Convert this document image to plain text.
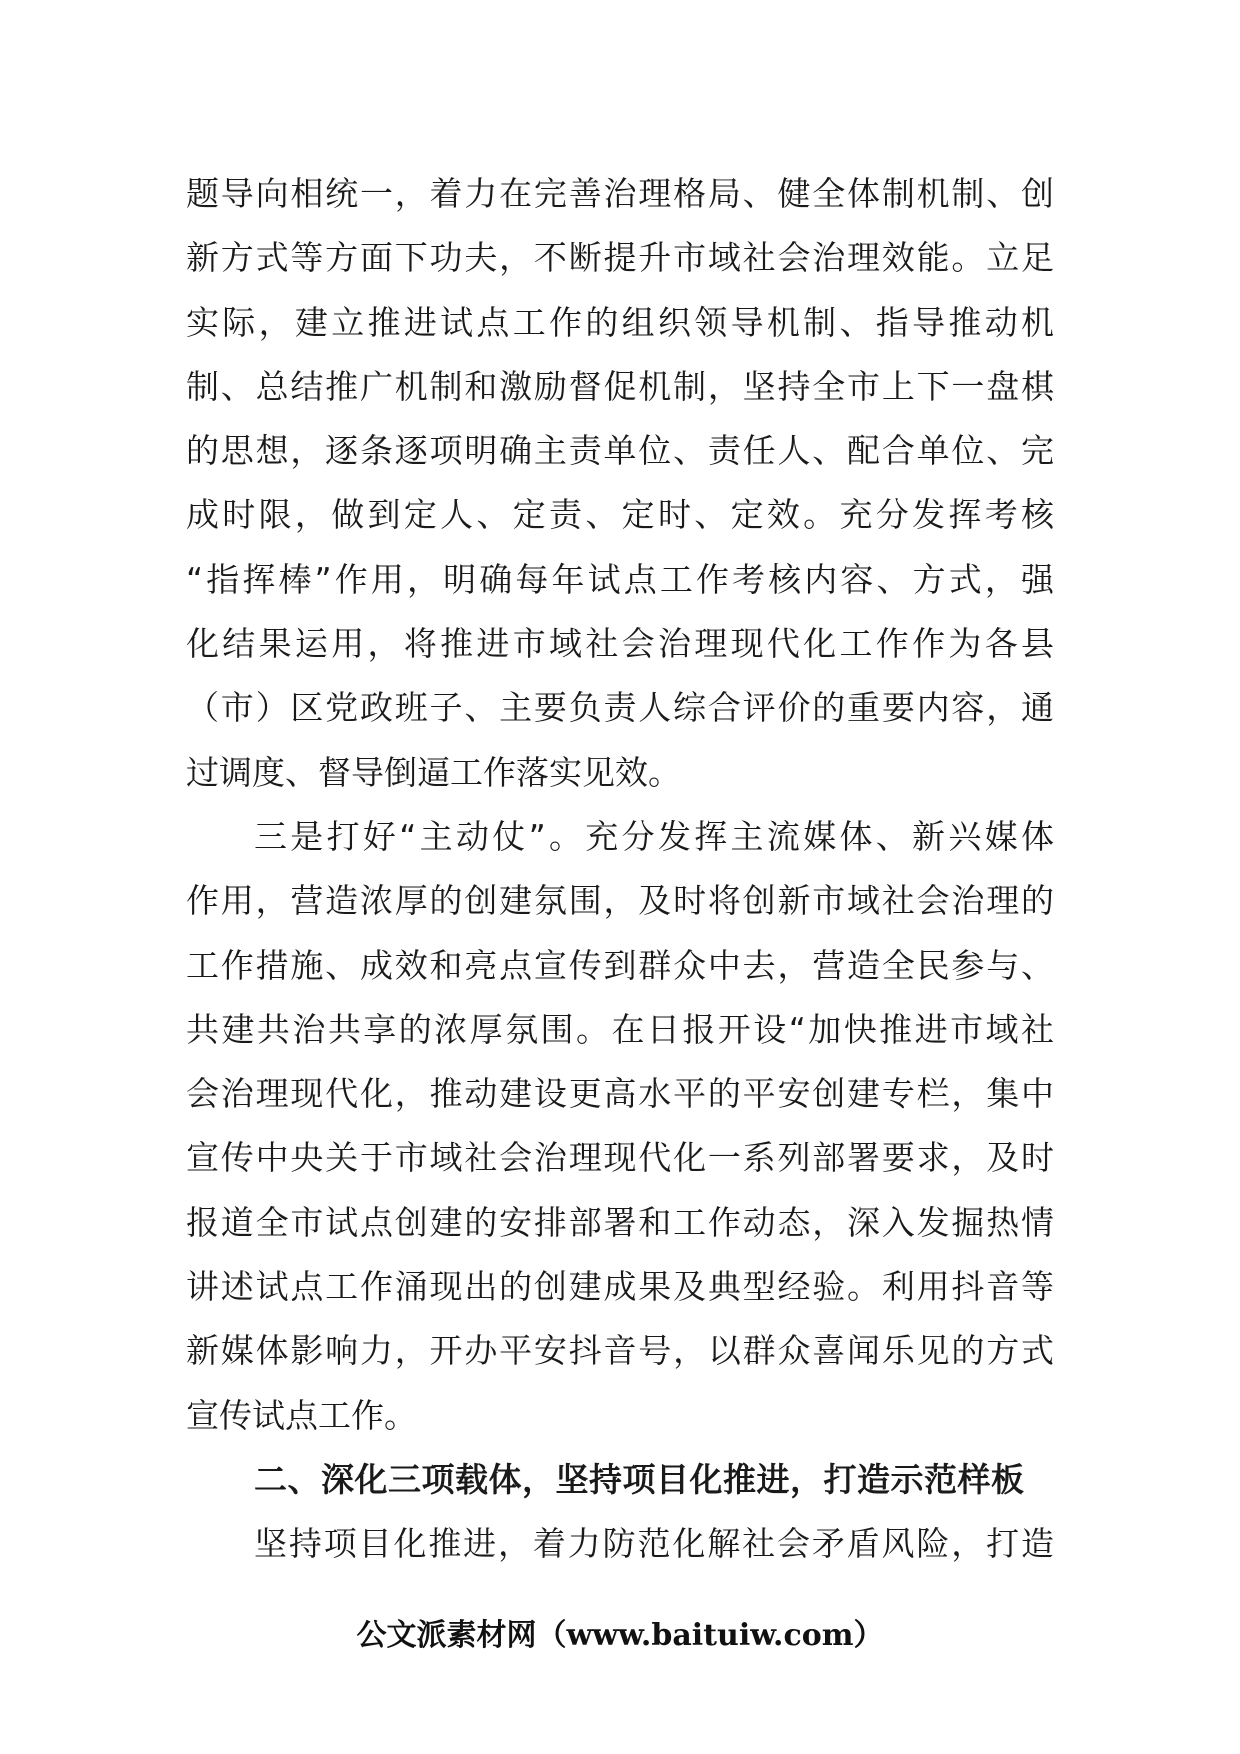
题导向相统一，着力在完善治理格局、健全体制机制、创
新方式等方面下功夫，不断提升市域社会治理效能。立足
实际，建立推进试点工作的组织领导机制、指导推动机
制、总结推广机制和激励督促机制，坚持全市上下一盘棋
的思想，逐条逐项明确主责单位、责任人、配合单位、完
成时限，做到定人、定责、定时、定效。充分发挥考核
“指挥棒”作用，明确每年试点工作考核内容、方式，强
化结果运用，将推进市域社会治理现代化工作作为各县
（市）区党政班子、主要负责人综合评价的重要内容，通
过调度、督导倒逼工作落实见效。
三是打好“主动仗”。充分发挥主流媒体、新兴媒体
作用，营造浓厚的创建氛围，及时将创新市域社会治理的
工作措施、成效和亮点宣传到群众中去，营造全民参与、
共建共治共享的浓厚氛围。在日报开设“加快推进市域社
会治理现代化，推动建设更高水平的平安创建专栏，集中
宣传中央关于市域社会治理现代化一系列部署要求，及时
报道全市试点创建的安排部署和工作动态，深入发掘热情
讲述试点工作涌现出的创建成果及典型经验。利用抖音等
新媒体影响力，开办平安抖音号，以群众喜闻乐见的方式
宣传试点工作。
二、深化三项载体，坚持项目化推进，打造示范样板
坚持项目化推进，着力防范化解社会矛盾风险，打造
公文派素材网（www.baituiw.com）
